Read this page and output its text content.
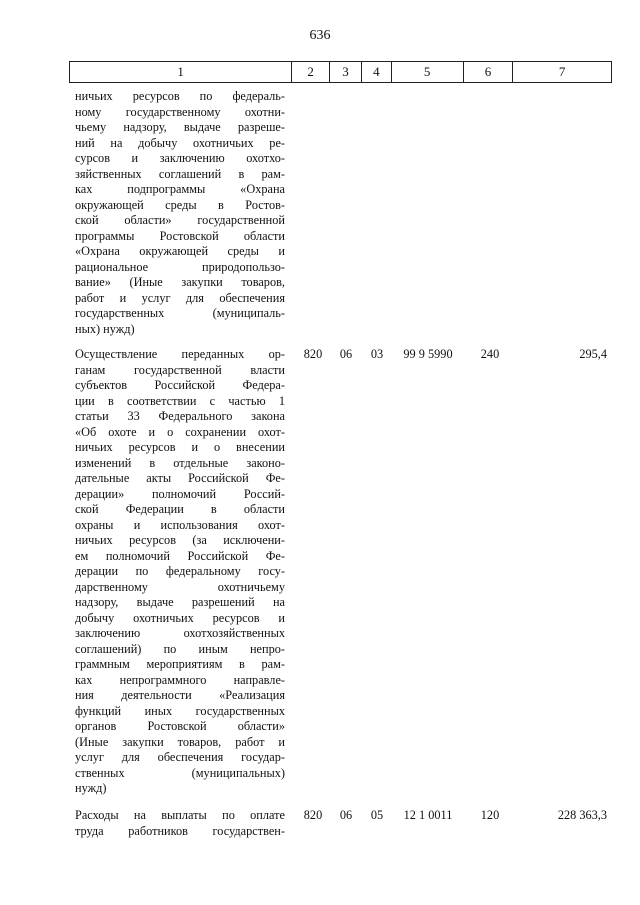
636
1	2	3	4	5	6	7
ничьих ресурсов по федераль-
ному государственному охотни-
чьему надзору, выдаче разреше-
ний на добычу охотничьих ре-
сурсов и заключению охотхо-
зяйственных соглашений в рам-
ках подпрограммы «Охрана
окружающей среды в Ростов-
ской области» государственной
программы Ростовской области
«Охрана окружающей среды и
рациональное природопользо-
вание» (Иные закупки товаров,
работ и услуг для обеспечения
государственных (муниципаль-
ных) нужд)
Осуществление переданных ор-
ганам государственной власти
субъектов Российской Федера-
ции в соответствии с частью 1
статьи 33 Федерального закона
«Об охоте и о сохранении охот-
ничьих ресурсов и о внесении
изменений в отдельные законо-
дательные акты Российской Фе-
дерации» полномочий Россий-
ской Федерации в области
охраны и использования охот-
ничьих ресурсов (за исключени-
ем полномочий Российской Фе-
дерации по федеральному госу-
дарственному охотничьему
надзору, выдаче разрешений на
добычу охотничьих ресурсов и
заключению охотхозяйственных
соглашений) по иным непро-
граммным мероприятиям в рам-
ках непрограммного направле-
ния деятельности «Реализация
функций иных государственных
органов Ростовской области»
(Иные закупки товаров, работ и
услуг для обеспечения государ-
ственных (муниципальных)
нужд)
820	06	03	99 9 5990	240	295,4
Расходы на выплаты по оплате
труда работников государствен-
820	06	05	12 1 0011	120	228 363,3
